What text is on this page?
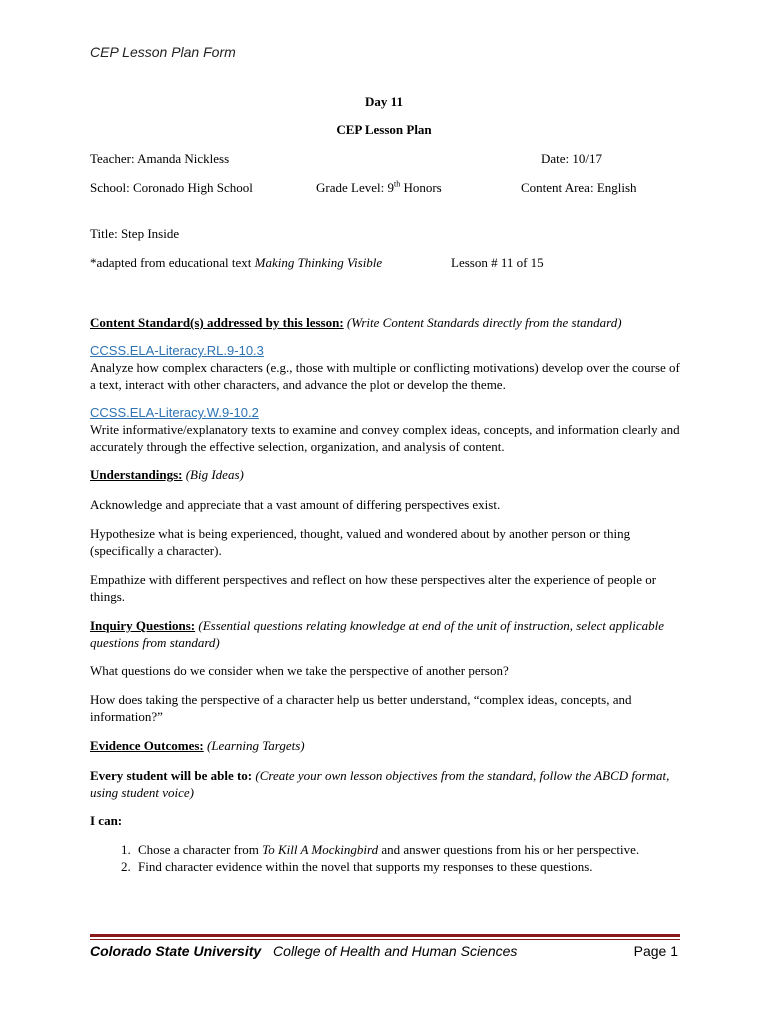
CEP Lesson Plan Form
Day 11
CEP Lesson Plan
Teacher: Amanda Nickless	Date: 10/17
School: Coronado High School	Grade Level: 9th Honors	Content Area: English
Title: Step Inside
*adapted from educational text Making Thinking Visible	Lesson # 11 of 15
Content Standard(s) addressed by this lesson: (Write Content Standards directly from the standard)
CCSS.ELA-Literacy.RL.9-10.3
Analyze how complex characters (e.g., those with multiple or conflicting motivations) develop over the course of a text, interact with other characters, and advance the plot or develop the theme.
CCSS.ELA-Literacy.W.9-10.2
Write informative/explanatory texts to examine and convey complex ideas, concepts, and information clearly and accurately through the effective selection, organization, and analysis of content.
Understandings: (Big Ideas)
Acknowledge and appreciate that a vast amount of differing perspectives exist.
Hypothesize what is being experienced, thought, valued and wondered about by another person or thing (specifically a character).
Empathize with different perspectives and reflect on how these perspectives alter the experience of people or things.
Inquiry Questions: (Essential questions relating knowledge at end of the unit of instruction, select applicable questions from standard)
What questions do we consider when we take the perspective of another person?
How does taking the perspective of a character help us better understand, “complex ideas, concepts, and information?”
Evidence Outcomes: (Learning Targets)
Every student will be able to: (Create your own lesson objectives from the standard, follow the ABCD format, using student voice)
I can:
1. Chose a character from To Kill A Mockingbird and answer questions from his or her perspective.
2. Find character evidence within the novel that supports my responses to these questions.
Colorado State University College of Health and Human Sciences	Page 1
